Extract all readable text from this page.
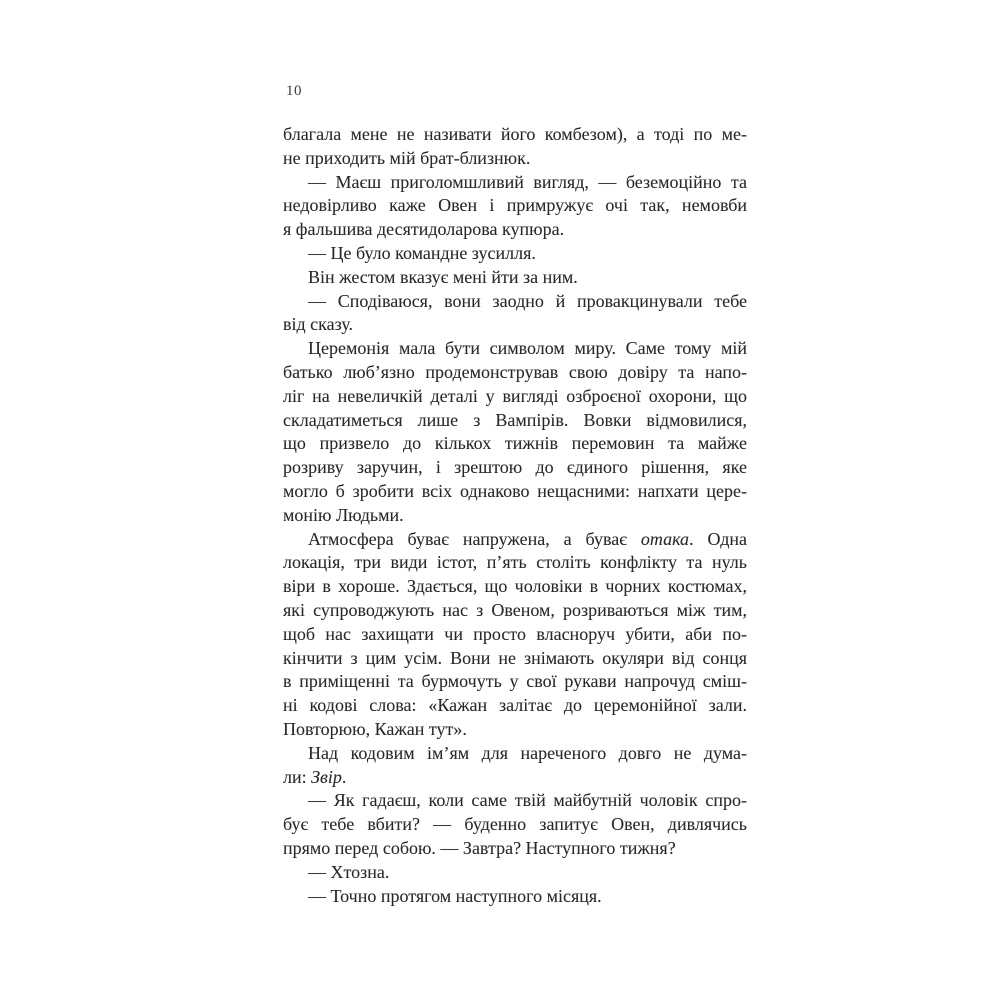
10
благала мене не називати його комбезом), а тоді по ме-
не приходить мій брат-близнюк.
— Маєш приголомшливий вигляд, — беземоційно та
недовірливо каже Овен і примружує очі так, немовби
я фальшива десятидоларова купюра.
— Це було командне зусилля.
Він жестом вказує мені йти за ним.
— Сподіваюся, вони заодно й провакцинували тебе
від сказу.
Церемонія мала бути символом миру. Саме тому мій
батько люб’язно продемонстрував свою довіру та напо-
ліг на невеличкій деталі у вигляді озброєної охорони, що
складатиметься лише з Вампірів. Вовки відмовилися,
що призвело до кількох тижнів перемовин та майже
розриву заручин, і зрештою до єдиного рішення, яке
могло б зробити всіх однаково нещасними: напхати цере-
монію Людьми.
Атмосфера буває напружена, а буває отака. Одна
локація, три види істот, п’ять століть конфлікту та нуль
віри в хороше. Здається, що чоловіки в чорних костюмах,
які супроводжують нас з Овеном, розриваються між тим,
щоб нас захищати чи просто власноруч убити, аби по-
кінчити з цим усім. Вони не знімають окуляри від сонця
в приміщенні та бурмочуть у свої рукави напрочуд сміш-
ні кодові слова: «Кажан залітає до церемонійної зали.
Повторюю, Кажан тут».
Над кодовим ім’ям для нареченого довго не дума-
ли: Звір.
— Як гадаєш, коли саме твій майбутній чоловік спро-
бує тебе вбити? — буденно запитує Овен, дивлячись
прямо перед собою. — Завтра? Наступного тижня?
— Хтозна.
— Точно протягом наступного місяця.
